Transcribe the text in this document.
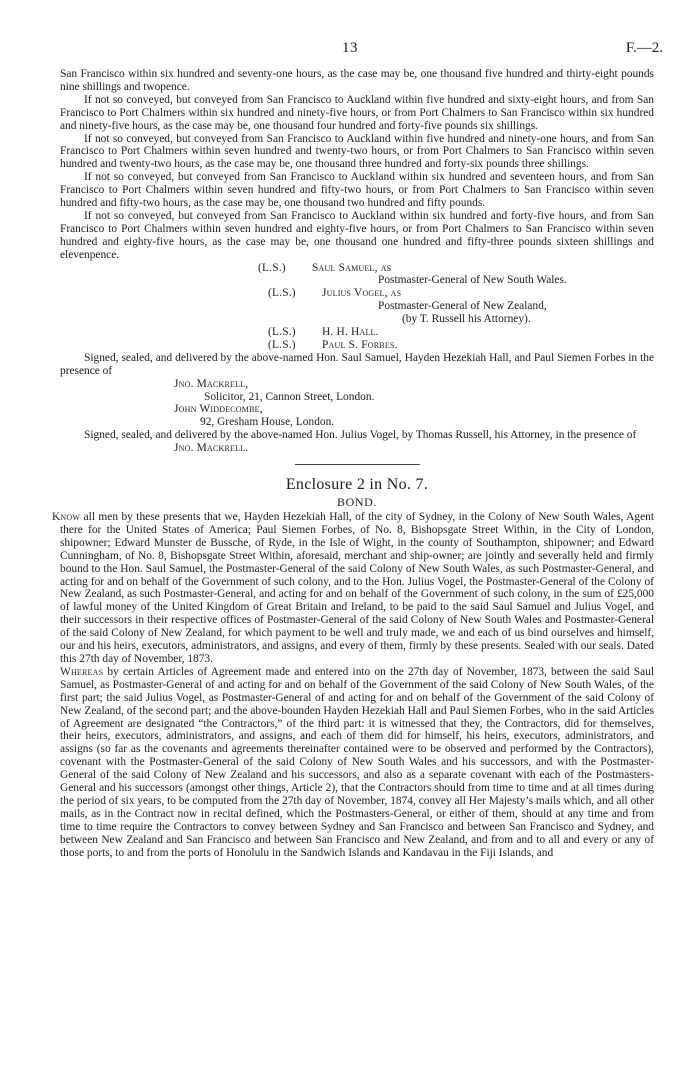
13	F.—2.

San Francisco within six hundred and seventy-one hours, as the case may be, one thousand five hundred and thirty-eight pounds nine shillings and twopence.

If not so conveyed, but conveyed from San Francisco to Auckland within five hundred and sixty-eight hours, and from San Francisco to Port Chalmers within six hundred and ninety-five hours, or from Port Chalmers to San Francisco within six hundred and ninety-five hours, as the case may be, one thousand four hundred and forty-five pounds six shillings.

If not so conveyed, but conveyed from San Francisco to Auckland within five hundred and ninety-one hours, and from San Francisco to Port Chalmers within seven hundred and twenty-two hours, or from Port Chalmers to San Francisco within seven hundred and twenty-two hours, as the case may be, one thousand three hundred and forty-six pounds three shillings.

If not so conveyed, but conveyed from San Francisco to Auckland within six hundred and seventeen hours, and from San Francisco to Port Chalmers within seven hundred and fifty-two hours, or from Port Chalmers to San Francisco within seven hundred and fifty-two hours, as the case may be, one thousand two hundred and fifty pounds.

If not so conveyed, but conveyed from San Francisco to Auckland within six hundred and forty-five hours, and from San Francisco to Port Chalmers within seven hundred and eighty-five hours, or from Port Chalmers to San Francisco within seven hundred and eighty-five hours, as the case may be, one thousand one hundred and fifty-three pounds sixteen shillings and elevenpence.

(L.S.) Saul Samuel, as
Postmaster-General of New South Wales.
(L.S.) Julius Vogel, as
Postmaster-General of New Zealand,
(by T. Russell his Attorney).
(L.S.) H. H. Hall.
(L.S.) Paul S. Forbes.

Signed, sealed, and delivered by the above-named Hon. Saul Samuel, Hayden Hezekiah Hall, and Paul Siemen Forbes in the presence of

Jno. Mackrell,
Solicitor, 21, Cannon Street, London.
John Widdecombe,
92, Gresham House, London.

Signed, sealed, and delivered by the above-named Hon. Julius Vogel, by Thomas Russell, his Attorney, in the presence of

Jno. Mackrell.
Enclosure 2 in No. 7.
BOND.

Know all men by these presents that we, Hayden Hezekiah Hall, of the city of Sydney, in the Colony of New South Wales, Agent there for the United States of America; Paul Siemen Forbes, of No. 8, Bishopsgate Street Within, in the City of London, shipowner; Edward Munster de Bussche, of Ryde, in the Isle of Wight, in the county of Southampton, shipowner; and Edward Cunningham, of No. 8, Bishopsgate Street Within, aforesaid, merchant and ship-owner; are jointly and severally held and firmly bound to the Hon. Saul Samuel, the Postmaster-General of the said Colony of New South Wales, as such Postmaster-General, and acting for and on behalf of the Government of such colony, and to the Hon. Julius Vogel, the Postmaster-General of the Colony of New Zealand, as such Postmaster-General, and acting for and on behalf of the Government of such colony, in the sum of £25,000 of lawful money of the United Kingdom of Great Britain and Ireland, to be paid to the said Saul Samuel and Julius Vogel, and their successors in their respective offices of Postmaster-General of the said Colony of New South Wales and Postmaster-General of the said Colony of New Zealand, for which payment to be well and truly made, we and each of us bind ourselves and himself, our and his heirs, executors, administrators, and assigns, and every of them, firmly by these presents. Sealed with our seals. Dated this 27th day of November, 1873.

Whereas by certain Articles of Agreement made and entered into on the 27th day of November, 1873, between the said Saul Samuel, as Postmaster-General of and acting for and on behalf of the Government of the said Colony of New South Wales, of the first part; the said Julius Vogel, as Postmaster-General of and acting for and on behalf of the Government of the said Colony of New Zealand, of the second part; and the above-bounden Hayden Hezekiah Hall and Paul Siemen Forbes, who in the said Articles of Agreement are designated “the Contractors,” of the third part: it is witnessed that they, the Contractors, did for themselves, their heirs, executors, administrators, and assigns, and each of them did for himself, his heirs, executors, administrators, and assigns (so far as the covenants and agreements thereinafter contained were to be observed and performed by the Contractors), covenant with the Postmaster-General of the said Colony of New South Wales and his successors, and with the Postmaster-General of the said Colony of New Zealand and his successors, and also as a separate covenant with each of the Postmasters-General and his successors (amongst other things, Article 2), that the Contractors should from time to time and at all times during the period of six years, to be computed from the 27th day of November, 1874, convey all Her Majesty’s mails which, and all other mails, as in the Contract now in recital defined, which the Postmasters-General, or either of them, should at any time and from time to time require the Contractors to convey between Sydney and San Francisco and between San Francisco and Sydney, and between New Zealand and San Francisco and between San Francisco and New Zealand, and from and to all and every or any of those ports, to and from the ports of Honolulu in the Sandwich Islands and Kandavau in the Fiji Islands, and
